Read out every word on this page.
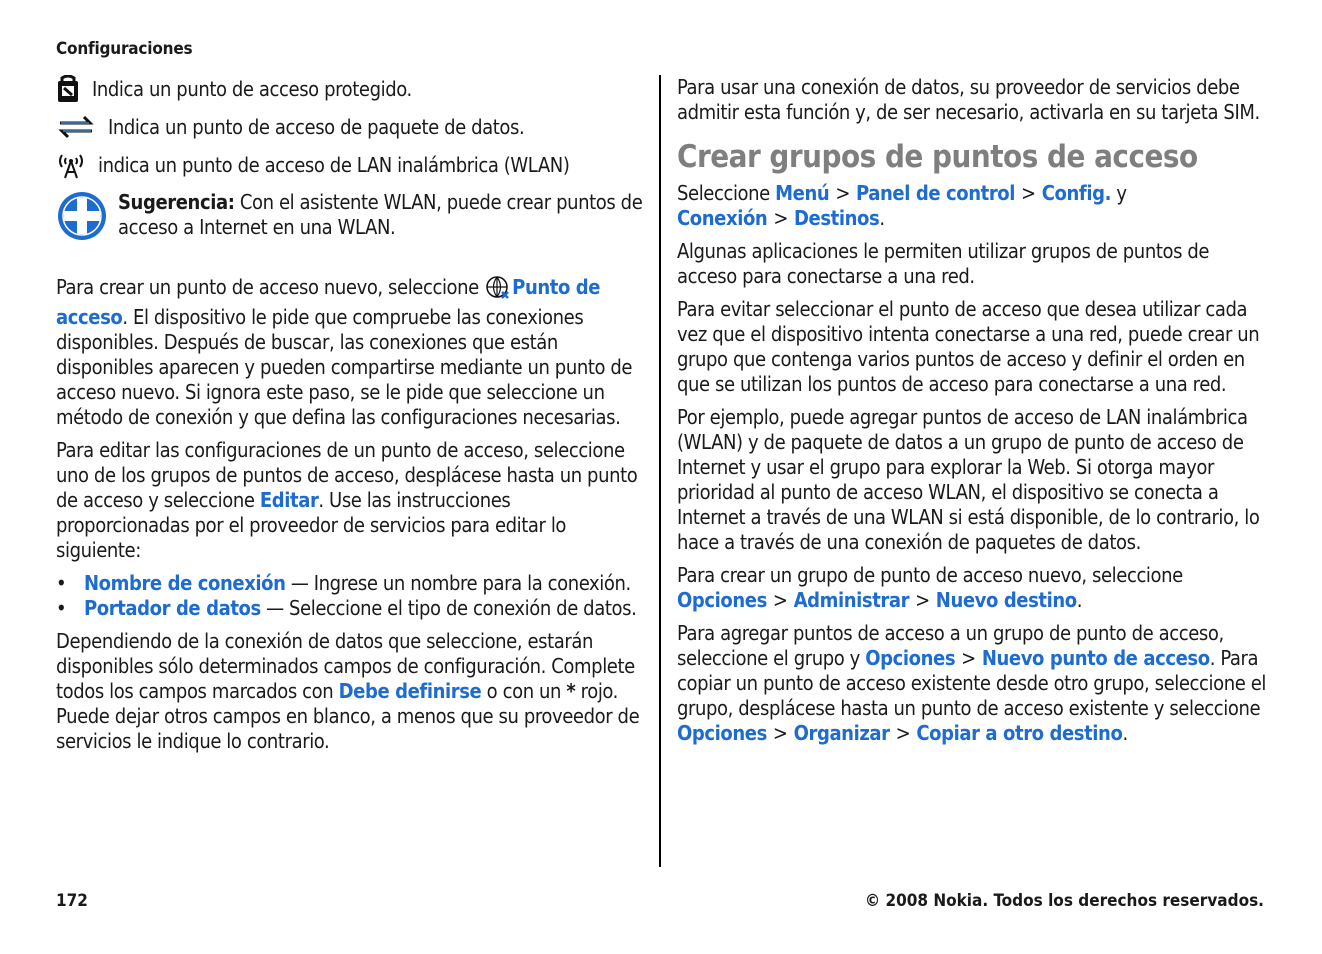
Configuraciones
Indica un punto de acceso protegido.
Indica un punto de acceso de paquete de datos.
indica un punto de acceso de LAN inalámbrica (WLAN)
Sugerencia: Con el asistente WLAN, puede crear puntos de acceso a Internet en una WLAN.

Para crear un punto de acceso nuevo, seleccione Punto de acceso. El dispositivo le pide que compruebe las conexiones disponibles. Después de buscar, las conexiones que están disponibles aparecen y pueden compartirse mediante un punto de acceso nuevo. Si ignora este paso, se le pide que seleccione un método de conexión y que defina las configuraciones necesarias.

Para editar las configuraciones de un punto de acceso, seleccione uno de los grupos de puntos de acceso, desplácese hasta un punto de acceso y seleccione Editar. Use las instrucciones proporcionadas por el proveedor de servicios para editar lo siguiente:

• Nombre de conexión — Ingrese un nombre para la conexión.
• Portador de datos — Seleccione el tipo de conexión de datos.

Dependiendo de la conexión de datos que seleccione, estarán disponibles sólo determinados campos de configuración. Complete todos los campos marcados con Debe definirse o con un * rojo. Puede dejar otros campos en blanco, a menos que su proveedor de servicios le indique lo contrario.

Para usar una conexión de datos, su proveedor de servicios debe admitir esta función y, de ser necesario, activarla en su tarjeta SIM.

Crear grupos de puntos de acceso

Seleccione Menú > Panel de control > Config. y Conexión > Destinos.

Algunas aplicaciones le permiten utilizar grupos de puntos de acceso para conectarse a una red.

Para evitar seleccionar el punto de acceso que desea utilizar cada vez que el dispositivo intenta conectarse a una red, puede crear un grupo que contenga varios puntos de acceso y definir el orden en que se utilizan los puntos de acceso para conectarse a una red.

Por ejemplo, puede agregar puntos de acceso de LAN inalámbrica (WLAN) y de paquete de datos a un grupo de punto de acceso de Internet y usar el grupo para explorar la Web. Si otorga mayor prioridad al punto de acceso WLAN, el dispositivo se conecta a Internet a través de una WLAN si está disponible, de lo contrario, lo hace a través de una conexión de paquetes de datos.

Para crear un grupo de punto de acceso nuevo, seleccione Opciones > Administrar > Nuevo destino.

Para agregar puntos de acceso a un grupo de punto de acceso, seleccione el grupo y Opciones > Nuevo punto de acceso. Para copiar un punto de acceso existente desde otro grupo, seleccione el grupo, desplácese hasta un punto de acceso existente y seleccione Opciones > Organizar > Copiar a otro destino.

172	© 2008 Nokia. Todos los derechos reservados.
